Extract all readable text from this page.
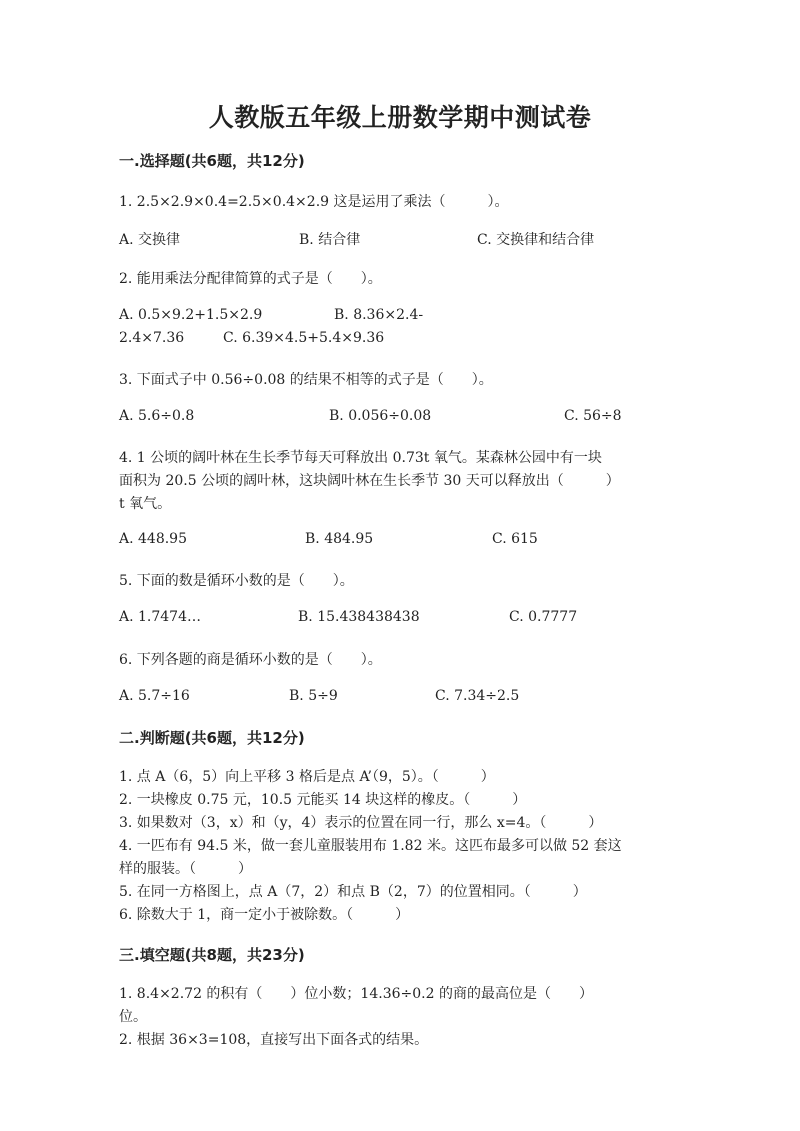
人教版五年级上册数学期中测试卷
一.选择题(共6题，共12分)
1. 2.5×2.9×0.4=2.5×0.4×2.9 这是运用了乘法（　　　）。
A. 交换律	B. 结合律	C. 交换律和结合律
2. 能用乘法分配律简算的式子是（　　）。
A. 0.5×9.2+1.5×2.9	B. 8.36×2.4-
2.4×7.36	C. 6.39×4.5+5.4×9.36
3. 下面式子中 0.56÷0.08 的结果不相等的式子是（　　）。
A. 5.6÷0.8	B. 0.056÷0.08	C. 56÷8
4. 1 公顷的阔叶林在生长季节每天可释放出 0.73t 氧气。某森林公园中有一块
面积为 20.5 公顷的阔叶林，这块阔叶林在生长季节 30 天可以释放出（　　　）
t 氧气。
A. 448.95	B. 484.95	C. 615
5. 下面的数是循环小数的是（　　）。
A. 1.7474…	B. 15.438438438	C. 0.7777
6. 下列各题的商是循环小数的是（　　）。
A. 5.7÷16	B. 5÷9	C. 7.34÷2.5
二.判断题(共6题，共12分)
1. 点 A（6，5）向上平移 3 格后是点 A’（9，5）。（　　　）
2. 一块橡皮 0.75 元，10.5 元能买 14 块这样的橡皮。（　　　）
3. 如果数对（3，x）和（y，4）表示的位置在同一行，那么 x=4。（　　　）
4. 一匹布有 94.5 米，做一套儿童服装用布 1.82 米。这匹布最多可以做 52 套这
样的服装。（　　　）
5. 在同一方格图上，点 A（7，2）和点 B（2，7）的位置相同。（　　　）
6. 除数大于 1，商一定小于被除数。（　　　）
三.填空题(共8题，共23分)
1. 8.4×2.72 的积有（　　）位小数；14.36÷0.2 的商的最高位是（　　）
位。
2. 根据 36×3=108，直接写出下面各式的结果。
